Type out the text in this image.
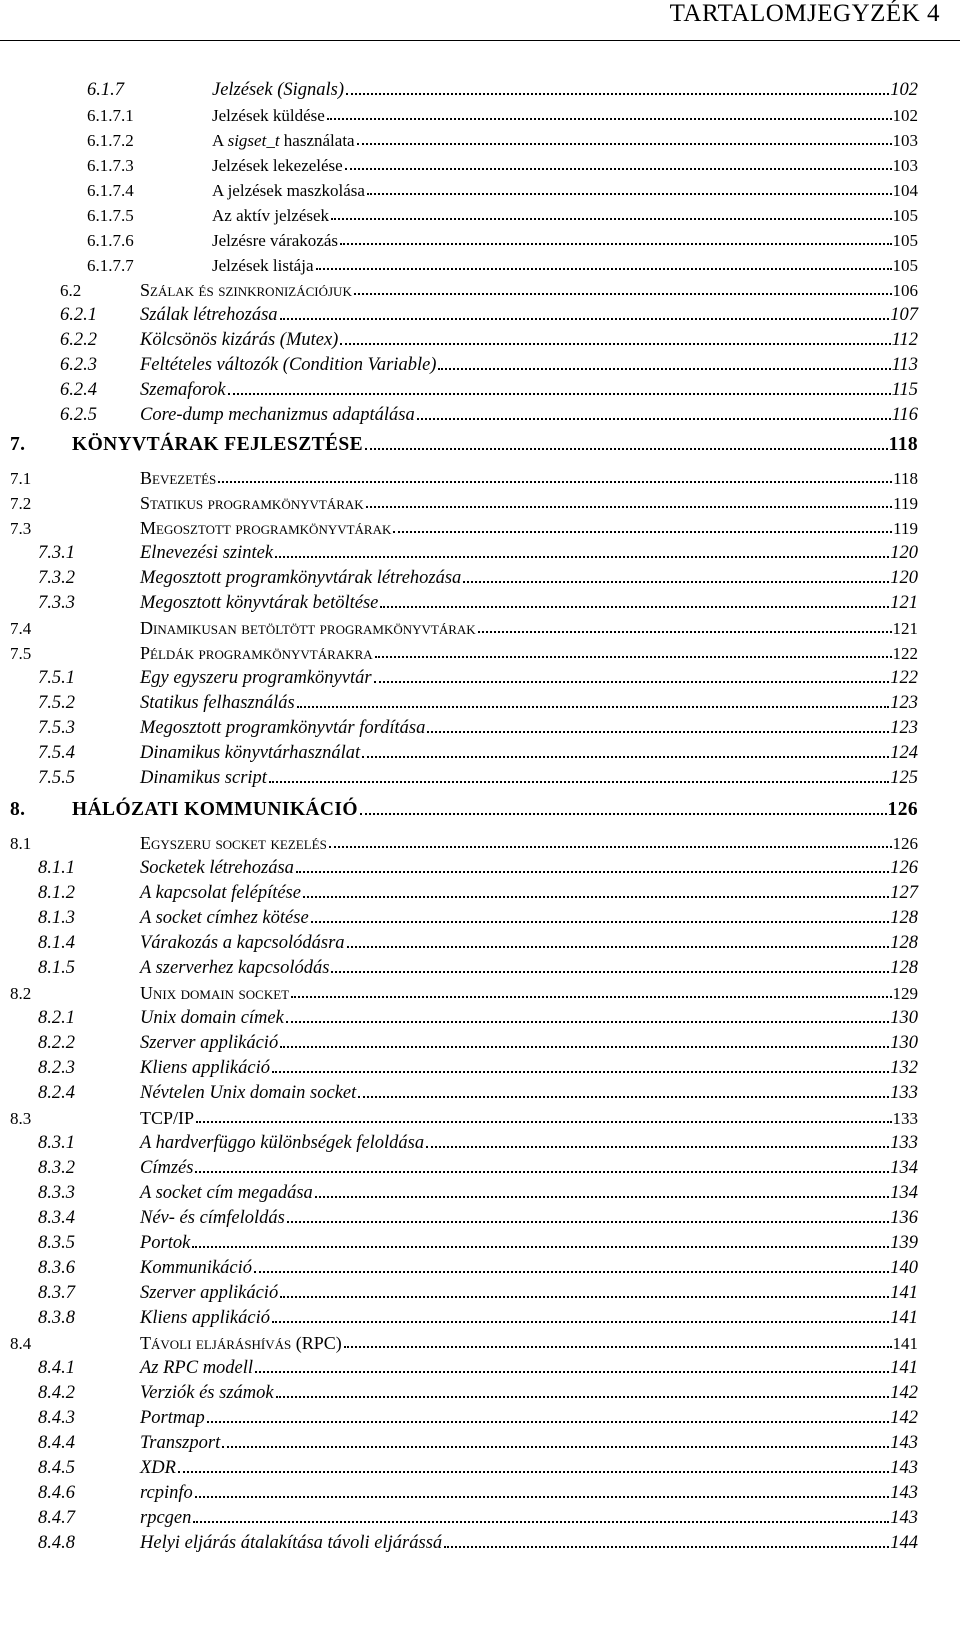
TARTALOMJEGYZÉK 4
6.1.7	Jelzések (Signals)	102
6.1.7.1	Jelzések küldése	102
6.1.7.2	A sigset_t használata	103
6.1.7.3	Jelzések lekezelése	103
6.1.7.4	A jelzések maszkolása	104
6.1.7.5	Az aktív jelzések	105
6.1.7.6	Jelzésre várakozás	105
6.1.7.7	Jelzések listája	105
6.2	Szálak és szinkronizációjuk	106
6.2.1	Szálak létrehozása	107
6.2.2	Kölcsönös kizárás (Mutex)	112
6.2.3	Feltételes változók (Condition Variable)	113
6.2.4	Szemaforok	115
6.2.5	Core-dump mechanizmus adaptálása	116
7.	KÖNYVTÁRAK FEJLESZTÉSE	118
7.1	Bevezetés	118
7.2	Statikus programkönyvtárak	119
7.3	Megosztott programkönyvtárak	119
7.3.1	Elnevezési szintek	120
7.3.2	Megosztott programkönyvtárak létrehozása	120
7.3.3	Megosztott könyvtárak betöltése	121
7.4	Dinamikusan betöltött programkönyvtárak	121
7.5	Példák programkönyvtárakra	122
7.5.1	Egy egyszeru programkönyvtár	122
7.5.2	Statikus felhasználás	123
7.5.3	Megosztott programkönyvtár fordítása	123
7.5.4	Dinamikus könyvtárhasználat	124
7.5.5	Dinamikus script	125
8.	HÁLÓZATI KOMMUNIKÁCIÓ	126
8.1	Egyszeru socket kezelés	126
8.1.1	Socketek létrehozása	126
8.1.2	A kapcsolat felépítése	127
8.1.3	A socket címhez kötése	128
8.1.4	Várakozás a kapcsolódásra	128
8.1.5	A szerverhez kapcsolódás	128
8.2	Unix domain socket	129
8.2.1	Unix domain címek	130
8.2.2	Szerver applikáció	130
8.2.3	Kliens applikáció	132
8.2.4	Névtelen Unix domain socket	133
8.3	TCP/IP	133
8.3.1	A hardverfüggo különbségek feloldása	133
8.3.2	Címzés	134
8.3.3	A socket cím megadása	134
8.3.4	Név- és címfeloldás	136
8.3.5	Portok	139
8.3.6	Kommunikáció	140
8.3.7	Szerver applikáció	141
8.3.8	Kliens applikáció	141
8.4	Távoli eljáráshívás (RPC)	141
8.4.1	Az RPC modell	141
8.4.2	Verziók és számok	142
8.4.3	Portmap	142
8.4.4	Transzport	143
8.4.5	XDR	143
8.4.6	rcpinfo	143
8.4.7	rpcgen	143
8.4.8	Helyi eljárás átalakítása távoli eljárássá	144
